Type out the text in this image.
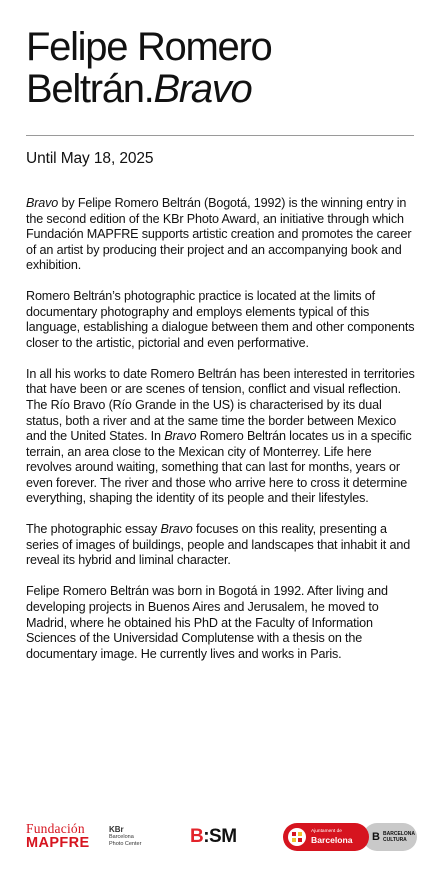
Felipe Romero
Beltrán.Bravo
Until May 18, 2025

Bravo by Felipe Romero Beltrán (Bogotá, 1992) is the winning entry in the second edition of the KBr Photo Award, an initiative through which Fundación MAPFRE supports artistic creation and promotes the career of an artist by producing their project and an accompanying book and exhibition.

Romero Beltrán’s photographic practice is located at the limits of documentary photography and employs elements typical of this language, establishing a dialogue between them and other components closer to the artistic, pictorial and even performative.

In all his works to date Romero Beltrán has been interested in territories that have been or are scenes of tension, conflict and visual reflection. The Río Bravo (Río Grande in the US) is characterised by its dual status, both a river and at the same time the border between Mexico and the United States. In Bravo Romero Beltrán locates us in a specific terrain, an area close to the Mexican city of Monterrey. Life here revolves around waiting, something that can last for months, years or even forever. The river and those who arrive here to cross it determine everything, shaping the identity of its people and their lifestyles.

The photographic essay Bravo focuses on this reality, presenting a series of images of buildings, people and landscapes that inhabit it and reveal its hybrid and liminal character.

Felipe Romero Beltrán was born in Bogotá in 1992. After living and developing projects in Buenos Aires and Jerusalem, he moved to Madrid, where he obtained his PhD at the Faculty of Information Sciences of the Universidad Complutense with a thesis on the documentary image. He currently lives and works in Paris.

Fundación
MAPFRE
KBr
Barcelona
Photo Center	B:SM	B BARCELONA
CULTURA
Ajuntament de
Barcelona
